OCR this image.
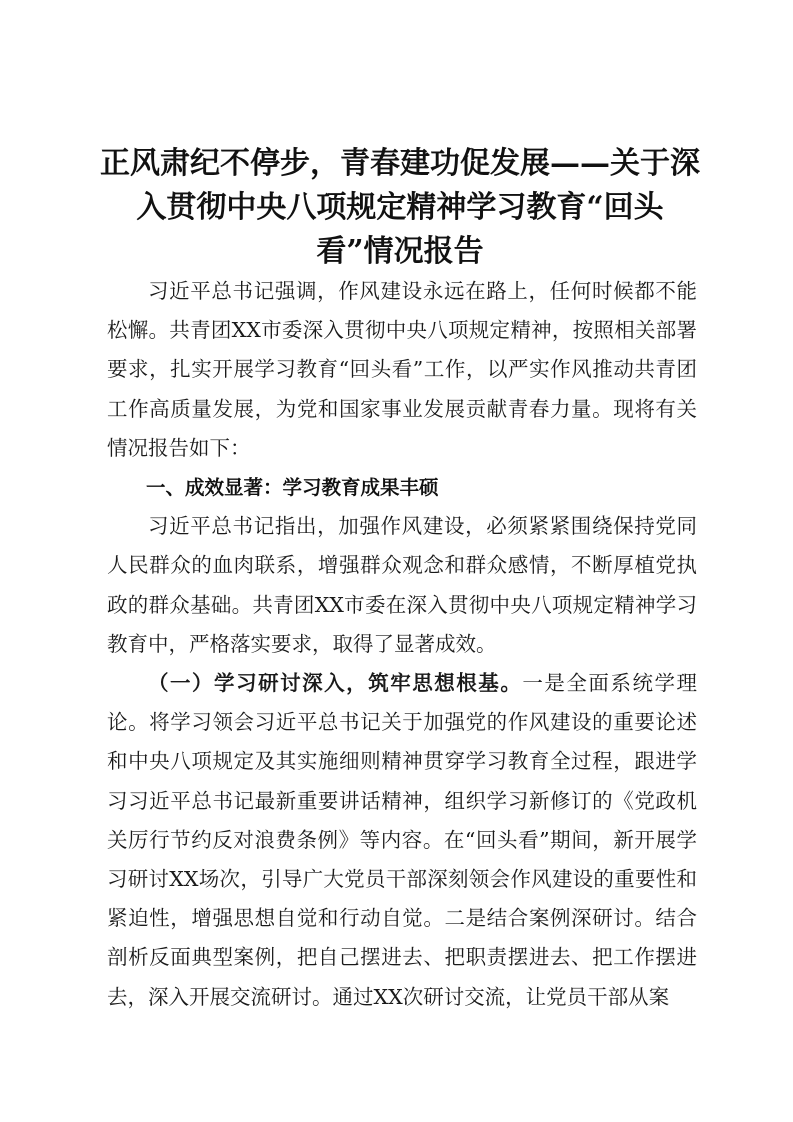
正风肃纪不停步，青春建功促发展——关于深入贯彻中央八项规定精神学习教育“回头看”情况报告

习近平总书记强调，作风建设永远在路上，任何时候都不能松懈。共青团XX市委深入贯彻中央八项规定精神，按照相关部署要求，扎实开展学习教育“回头看”工作，以严实作风推动共青团工作高质量发展，为党和国家事业发展贡献青春力量。现将有关情况报告如下：

一、成效显著：学习教育成果丰硕

习近平总书记指出，加强作风建设，必须紧紧围绕保持党同人民群众的血肉联系，增强群众观念和群众感情，不断厚植党执政的群众基础。共青团XX市委在深入贯彻中央八项规定精神学习教育中，严格落实要求，取得了显著成效。

（一）学习研讨深入，筑牢思想根基。一是全面系统学理论。将学习领会习近平总书记关于加强党的作风建设的重要论述和中央八项规定及其实施细则精神贯穿学习教育全过程，跟进学习习近平总书记最新重要讲话精神，组织学习新修订的《党政机关厉行节约反对浪费条例》等内容。在“回头看”期间，新开展学习研讨XX场次，引导广大党员干部深刻领会作风建设的重要性和紧迫性，增强思想自觉和行动自觉。二是结合案例深研讨。结合剖析反面典型案例，把自己摆进去、把职责摆进去、把工作摆进去，深入开展交流研讨。通过XX次研讨交流，让党员干部从案
